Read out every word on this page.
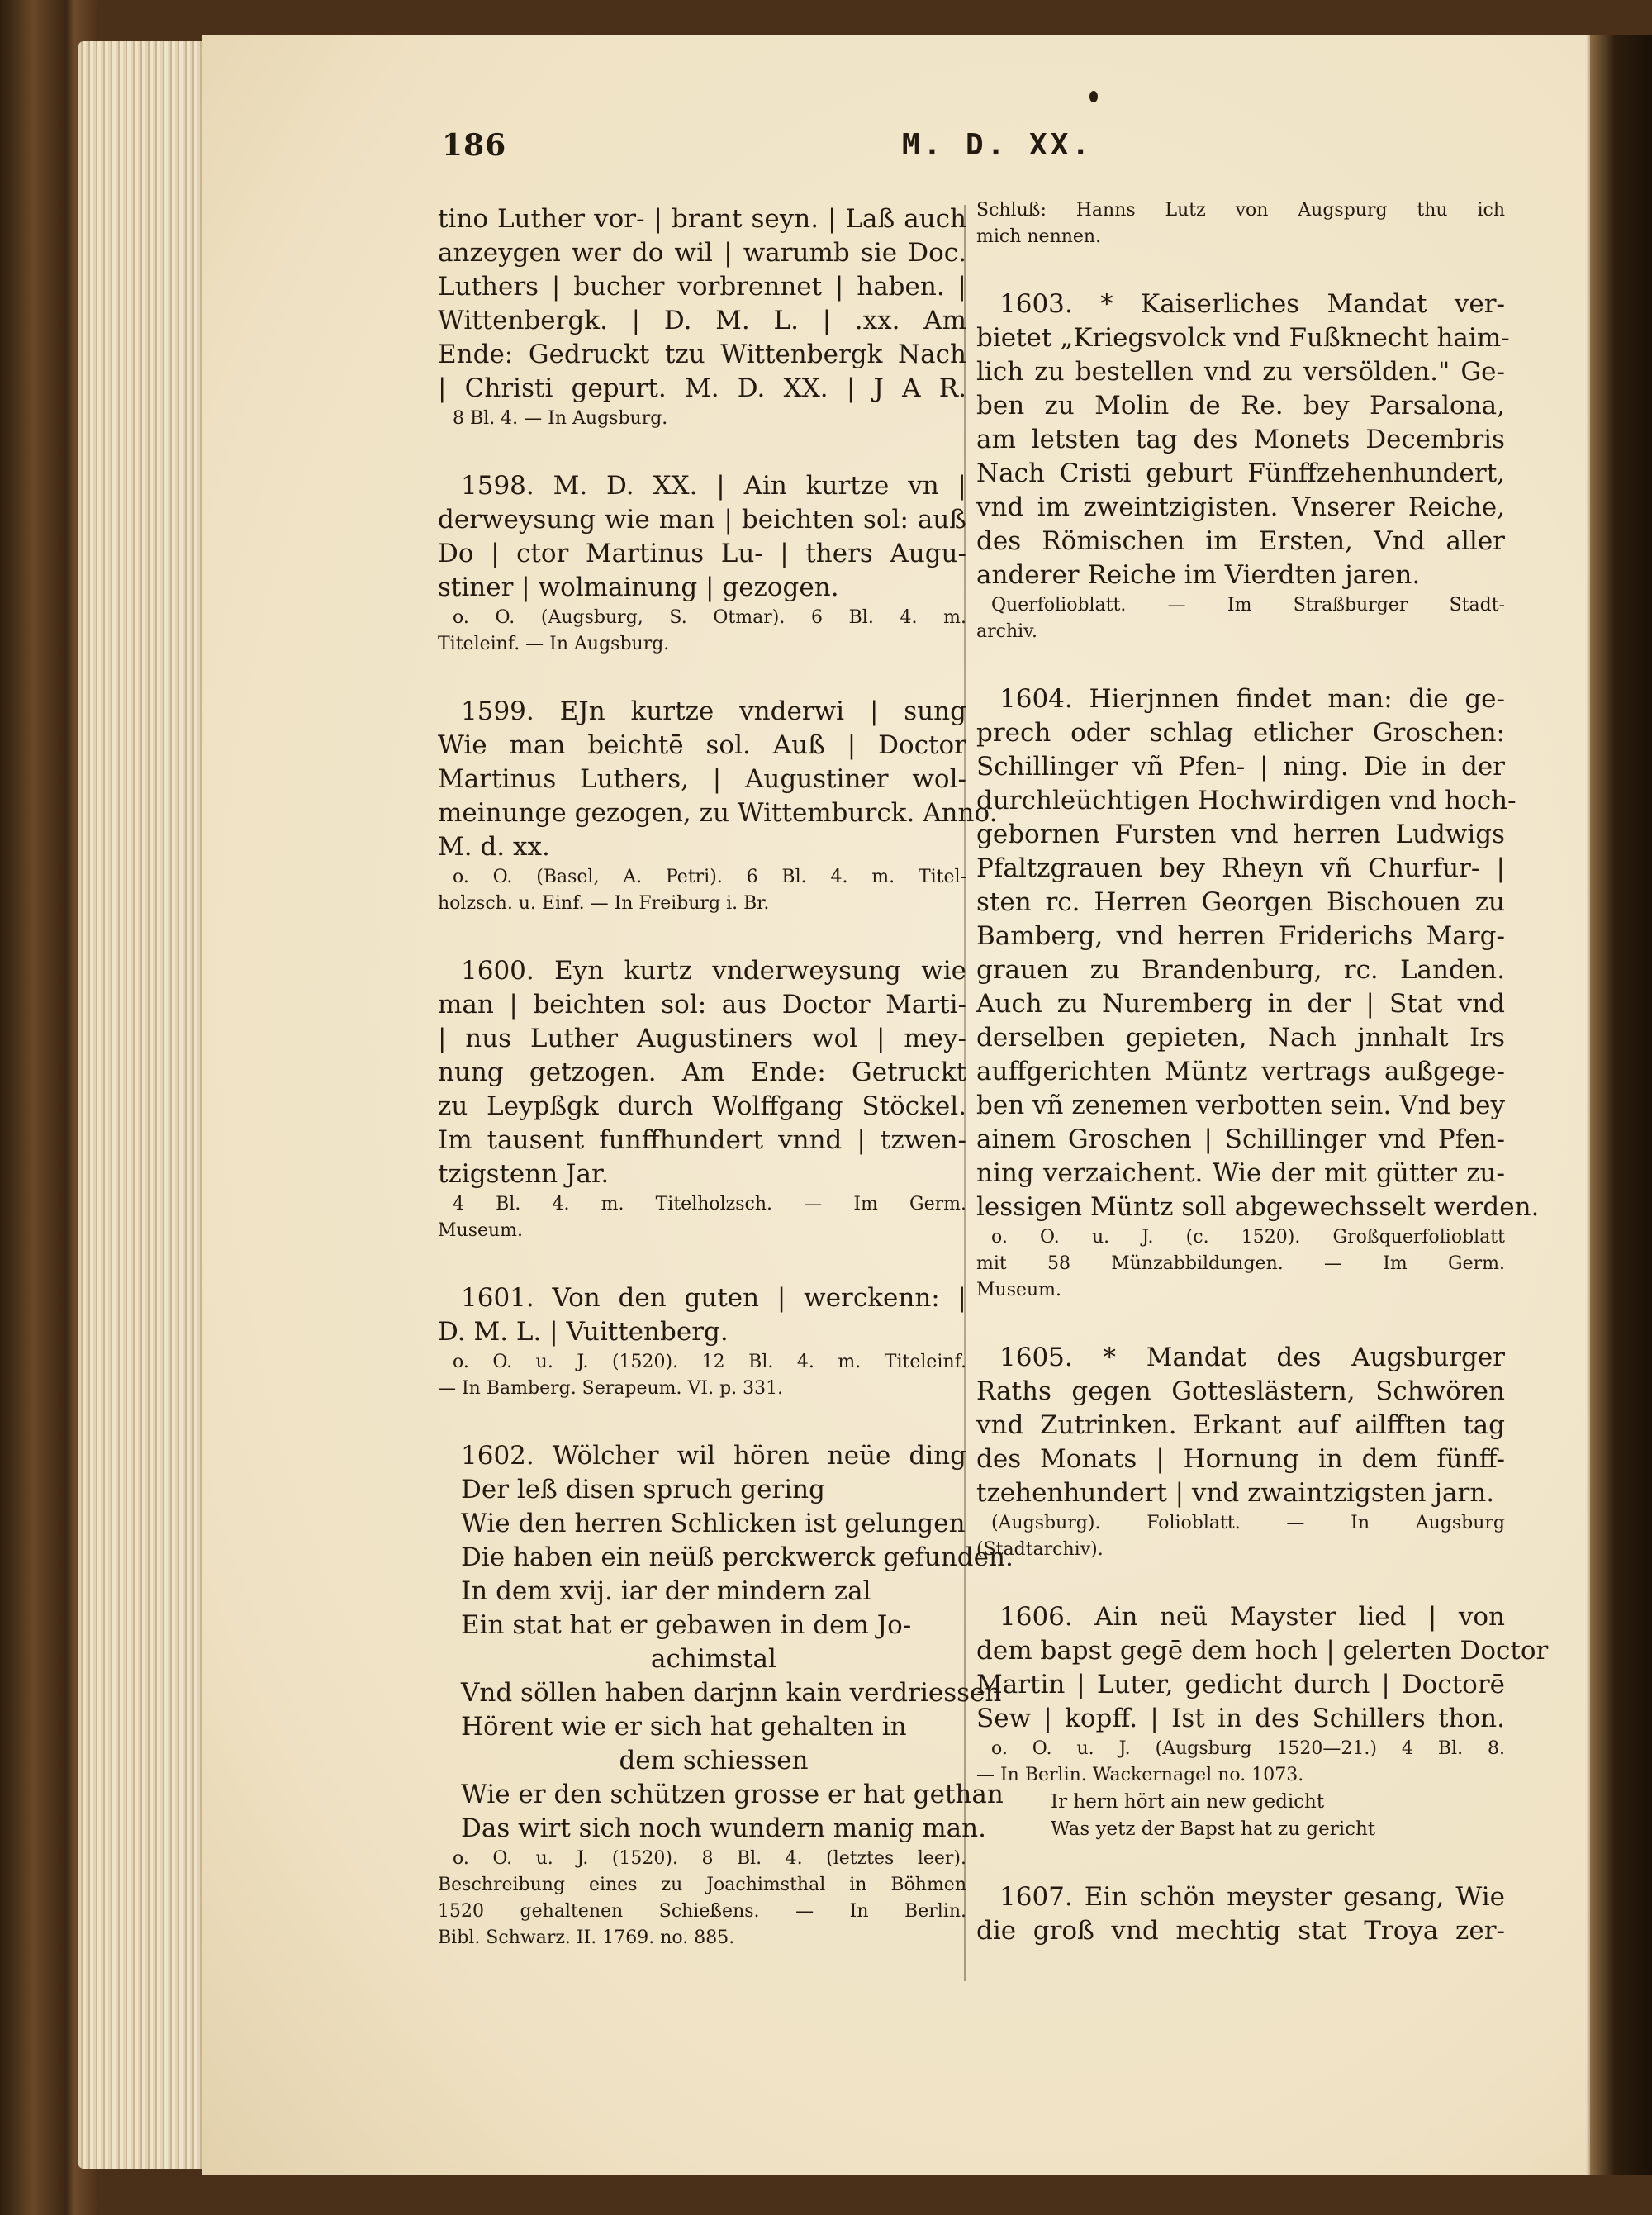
186	M. D. XX.
tino Luther vor- | brant seyn. | Laß auch
anzeygen wer do wil | warumb sie Doc.
Luthers | bucher vorbrennet | haben. |
Wittenbergk. | D. M. L. | .xx. Am
Ende: Gedruckt tzu Wittenbergk Nach
| Christi gepurt. M. D. XX. | J A R.
8 Bl. 4. — In Augsburg.
1598. M. D. XX. | Ain kurtze vn |
derweysung wie man | beichten sol: auß
Do | ctor Martinus Lu- | thers Augu-
stiner | wolmainung | gezogen.
o. O. (Augsburg, S. Otmar). 6 Bl. 4. m.
Titeleinf. — In Augsburg.
1599. EJn kurtze vnderwi | sung
Wie man beichtē sol. Auß | Doctor
Martinus Luthers, | Augustiner wol-
meinunge gezogen, zu Wittemburck. Anno.
M. d. xx.
o. O. (Basel, A. Petri). 6 Bl. 4. m. Titel-
holzsch. u. Einf. — In Freiburg i. Br.
1600. Eyn kurtz vnderweysung wie
man | beichten sol: aus Doctor Marti-
| nus Luther Augustiners wol | mey-
nung getzogen. Am Ende: Getruckt
zu Leypßgk durch Wolffgang Stöckel.
Im tausent funffhundert vnnd | tzwen-
tzigstenn Jar.
4 Bl. 4. m. Titelholzsch. — Im Germ.
Museum.
1601. Von den guten | werckenn: |
D. M. L. | Vuittenberg.
o. O. u. J. (1520). 12 Bl. 4. m. Titeleinf.
— In Bamberg. Serapeum. VI. p. 331.
1602. Wölcher wil hören neüe ding
Der leß disen spruch gering
Wie den herren Schlicken ist gelungen
Die haben ein neüß perckwerck gefunden.
In dem xvij. iar der mindern zal
Ein stat hat er gebawen in dem Jo-
achimstal
Vnd söllen haben darjnn kain verdriessen
Hörent wie er sich hat gehalten in
dem schiessen
Wie er den schützen grosse er hat gethan
Das wirt sich noch wundern manig man.
o. O. u. J. (1520). 8 Bl. 4. (letztes leer).
Beschreibung eines zu Joachimsthal in Böhmen
1520 gehaltenen Schießens. — In Berlin.
Bibl. Schwarz. II. 1769. no. 885.
Schluß: Hanns Lutz von Augspurg thu ich
mich nennen.
1603. * Kaiserliches Mandat ver-
bietet „Kriegsvolck vnd Fußknecht haim-
lich zu bestellen vnd zu versölden." Ge-
ben zu Molin de Re. bey Parsalona,
am letsten tag des Monets Decembris
Nach Cristi geburt Fünffzehenhundert,
vnd im zweintzigisten. Vnserer Reiche,
des Römischen im Ersten, Vnd aller
anderer Reiche im Vierdten jaren.
Querfolioblatt. — Im Straßburger Stadt-
archiv.
1604. Hierjnnen findet man: die ge-
prech oder schlag etlicher Groschen:
Schillinger vñ Pfen- | ning. Die in der
durchleüchtigen Hochwirdigen vnd hoch-
gebornen Fursten vnd herren Ludwigs
Pfaltzgrauen bey Rheyn vñ Churfur- |
sten rc. Herren Georgen Bischouen zu
Bamberg, vnd herren Friderichs Marg-
grauen zu Brandenburg, rc. Landen.
Auch zu Nuremberg in der | Stat vnd
derselben gepieten, Nach jnnhalt Irs
auffgerichten Müntz vertrags außgege-
ben vñ zenemen verbotten sein. Vnd bey
ainem Groschen | Schillinger vnd Pfen-
ning verzaichent. Wie der mit gütter zu-
lessigen Müntz soll abgewechsselt werden.
o. O. u. J. (c. 1520). Großquerfolioblatt
mit 58 Münzabbildungen. — Im Germ.
Museum.
1605. * Mandat des Augsburger
Raths gegen Gotteslästern, Schwören
vnd Zutrinken. Erkant auf ailfften tag
des Monats | Hornung in dem fünff-
tzehenhundert | vnd zwaintzigsten jarn.
(Augsburg). Folioblatt. — In Augsburg
(Stadtarchiv).
1606. Ain neü Mayster lied | von
dem bapst gegē dem hoch | gelerten Doctor
Martin | Luter, gedicht durch | Doctorē
Sew | kopff. | Ist in des Schillers thon.
o. O. u. J. (Augsburg 1520—21.) 4 Bl. 8.
— In Berlin. Wackernagel no. 1073.
Ir hern hört ain new gedicht
Was yetz der Bapst hat zu gericht
1607. Ein schön meyster gesang, Wie
die groß vnd mechtig stat Troya zer-
